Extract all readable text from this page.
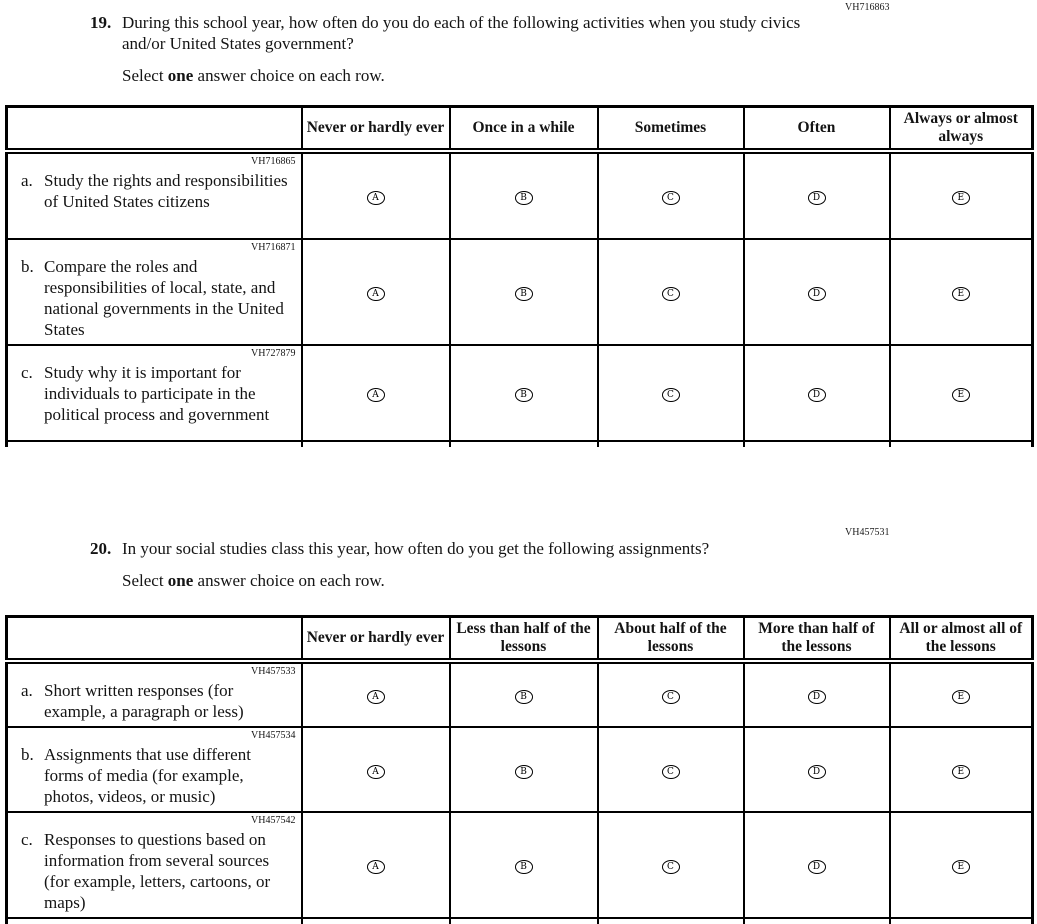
VH716863
19. During this school year, how often do you do each of the following activities when you study civics and/or United States government?
Select one answer choice on each row.
	Never or hardly ever	Once in a while	Sometimes	Often	Always or almost always

VH716865
a. Study the rights and responsibilities of United States citizens	A	B	C	D	E

VH716871
b. Compare the roles and responsibilities of local, state, and national governments in the United States	A	B	C	D	E

VH727879
c. Study why it is important for individuals to participate in the political process and government	A	B	C	D	E

VH457531
20. In your social studies class this year, how often do you get the following assignments?
Select one answer choice on each row.
	Never or hardly ever	Less than half of the lessons	About half of the lessons	More than half of the lessons	All or almost all of the lessons

VH457533
a. Short written responses (for example, a paragraph or less)	A	B	C	D	E

VH457534
b. Assignments that use different forms of media (for example, photos, videos, or music)	A	B	C	D	E

VH457542
c. Responses to questions based on information from several sources (for example, letters, cartoons, or maps)	A	B	C	D	E
